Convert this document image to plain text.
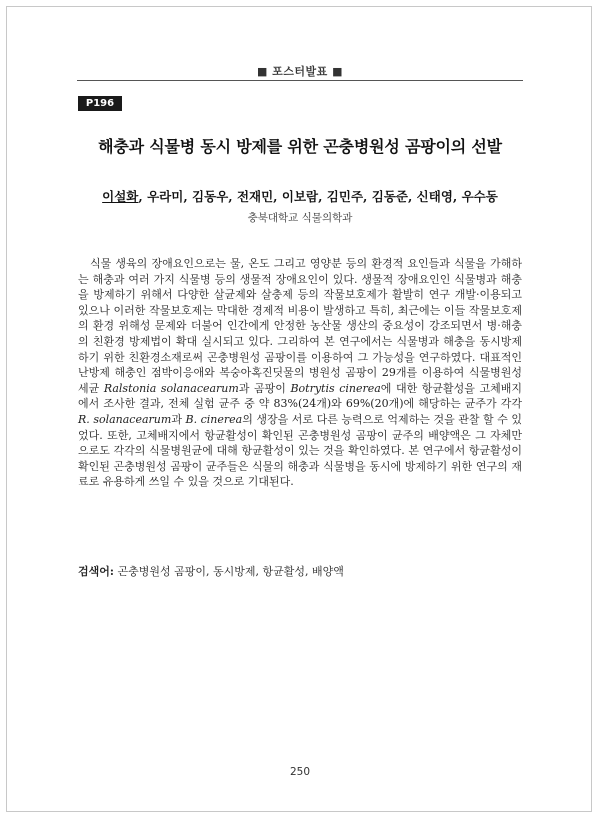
■ 포스터발표 ■
P196
해충과 식물병 동시 방제를 위한 곤충병원성 곰팡이의 선발
이설화, 우라미, 김동우, 전재민, 이보람, 김민주, 김동준, 신태영, 우수동
충북대학교 식물의학과

식물 생육의 장애요인으로는 물, 온도 그리고 영양분 등의 환경적 요인들과 식물을 가해하는 해충과 여러 가지 식물병 등의 생물적 장애요인이 있다. 생물적 장애요인인 식물병과 해충을 방제하기 위해서 다양한 살균제와 살충제 등의 작물보호제가 활발히 연구 개발·이용되고 있으나 이러한 작물보호제는 막대한 경제적 비용이 발생하고 특히, 최근에는 이들 작물보호제의 환경 위해성 문제와 더불어 인간에게 안정한 농산물 생산의 중요성이 강조되면서 병·해충의 친환경 방제법이 확대 실시되고 있다. 그리하여 본 연구에서는 식물병과 해충을 동시방제하기 위한 친환경소재로써 곤충병원성 곰팡이를 이용하여 그 가능성을 연구하였다. 대표적인 난방제 해충인 점박이응애와 복숭아혹진딧물의 병원성 곰팡이 29개를 이용하여 식물병원성 세균 Ralstonia solanacearum과 곰팡이 Botrytis cinerea에 대한 항균활성을 고체배지에서 조사한 결과, 전체 실험 균주 중 약 83%(24개)와 69%(20개)에 해당하는 균주가 각각 R. solanacearum과 B. cinerea의 생장을 서로 다른 능력으로 억제하는 것을 관찰 할 수 있었다. 또한, 고체배지에서 항균활성이 확인된 곤충병원성 곰팡이 균주의 배양액은 그 자체만으로도 각각의 식물병원균에 대해 항균활성이 있는 것을 확인하였다. 본 연구에서 항균활성이 확인된 곤충병원성 곰팡이 균주들은 식물의 해충과 식물병을 동시에 방제하기 위한 연구의 재료로 유용하게 쓰일 수 있을 것으로 기대된다.

검색어: 곤충병원성 곰팡이, 동시방제, 항균활성, 배양액
250
